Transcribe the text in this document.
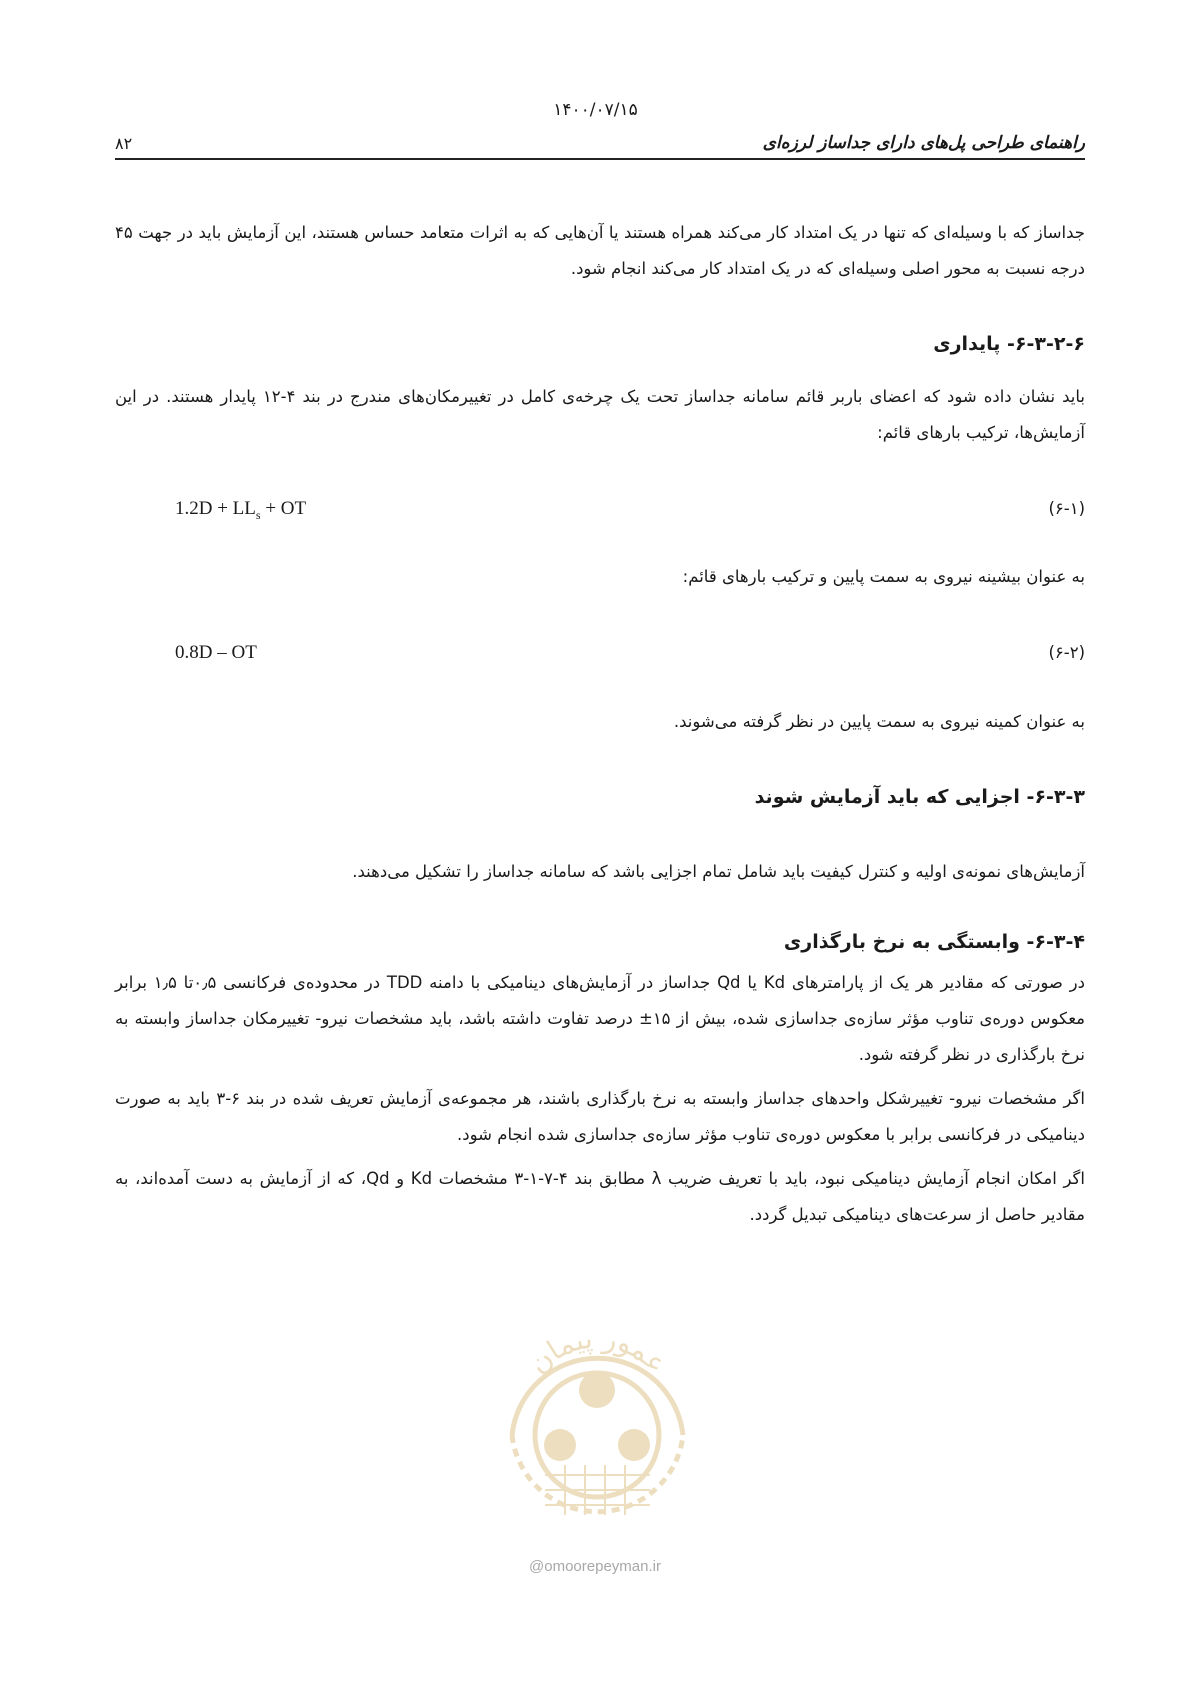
۱۴۰۰/۰۷/۱۵
راهنمای طراحی پل‌های دارای جداساز لرزه‌ای
۸۲

جداساز که با وسیله‌ای که تنها در یک امتداد کار می‌کند همراه هستند یا آن‌هایی که به اثرات متعامد حساس هستند، این آزمایش باید در جهت ۴۵ درجه نسبت به محور اصلی وسیله‌ای که در یک امتداد کار می‌کند انجام شود.

۶-۳-۲-۶- پایداری

باید نشان داده شود که اعضای باربر قائم سامانه جداساز تحت یک چرخه‌ی کامل در تغییرمکان‌های مندرج در بند ۴-۱۲ پایدار هستند. در این آزمایش‌ها، ترکیب بارهای قائم:

$1.2D + LL_s$ + OT	(۶-۱)

به عنوان بیشینه نیروی به سمت پایین و ترکیب بارهای قائم:

0.8D – OT	(۶-۲)

به عنوان کمینه نیروی به سمت پایین در نظر گرفته می‌شوند.

۶-۳-۳- اجزایی که باید آزمایش شوند

آزمایش‌های نمونه‌ی اولیه و کنترل کیفیت باید شامل تمام اجزایی باشد که سامانه جداساز را تشکیل می‌دهند.

۶-۳-۴- وابستگی به نرخ بارگذاری

در صورتی که مقادیر هر یک از پارامترهای Kd یا Qd جداساز در آزمایش‌های دینامیکی با دامنه TDD در محدوده‌ی فرکانسی ۰٫۵تا ۱٫۵ برابر معکوس دوره‌ی تناوب مؤثر سازه‌ی جداسازی شده، بیش از ۱۵± درصد تفاوت داشته باشد، باید مشخصات نیرو- تغییرمکان جداساز وابسته به نرخ بارگذاری در نظر گرفته شود.

اگر مشخصات نیرو- تغییرشکل واحدهای جداساز وابسته به نرخ بارگذاری باشند، هر مجموعه‌ی آزمایش تعریف شده در بند ۶-۳ باید به صورت دینامیکی در فرکانسی برابر با معکوس دوره‌ی تناوب مؤثر سازه‌ی جداسازی شده انجام شود.

اگر امکان انجام آزمایش دینامیکی نبود، باید با تعریف ضریب λ مطابق بند ۴-۷-۱-۳ مشخصات Kd و Qd، که از آزمایش به دست آمده‌اند، به مقادیر حاصل از سرعت‌های دینامیکی تبدیل گردد.

عمور پیمان
@omoorepeyman.ir
